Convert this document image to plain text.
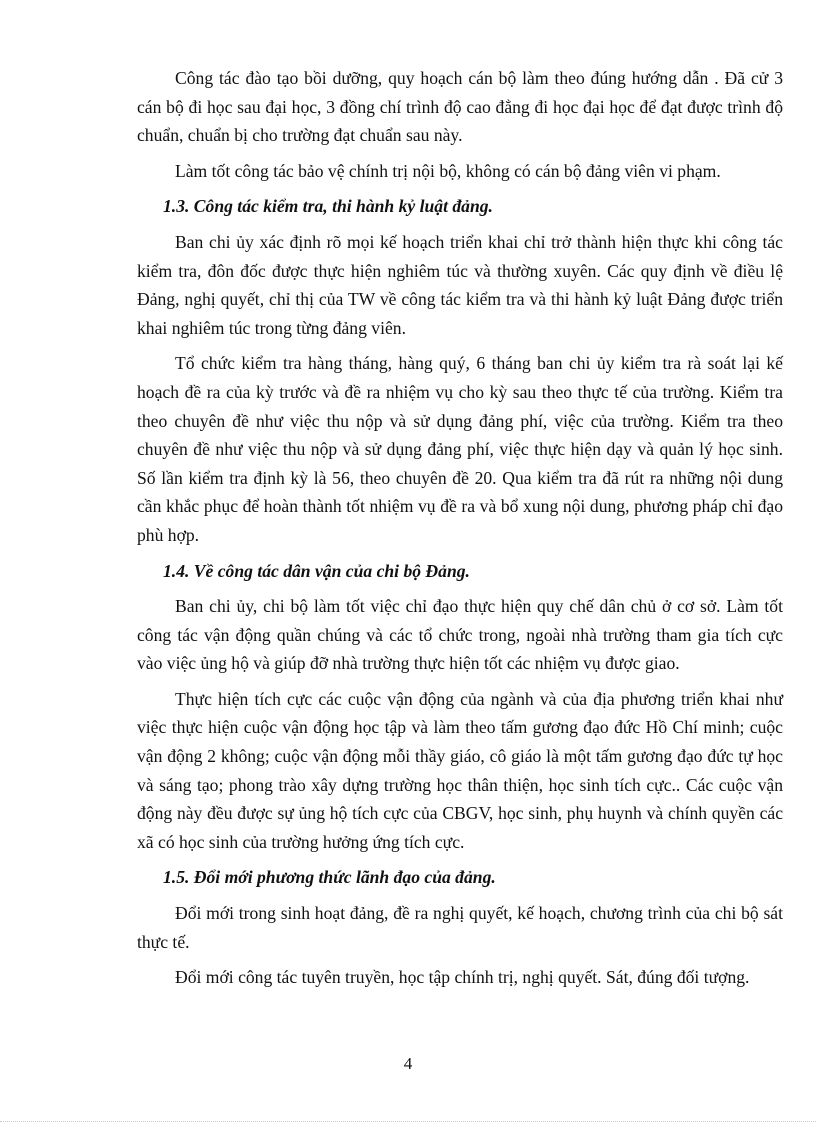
Công tác đào tạo bồi dưỡng, quy hoạch cán bộ làm theo đúng hướng dẫn . Đã cử 3 cán bộ đi học sau đại học, 3 đồng chí trình độ cao đẳng đi học đại học để đạt được trình độ chuẩn, chuẩn bị cho trường đạt chuẩn sau này.

Làm tốt công tác bảo vệ chính trị nội bộ, không có cán bộ đảng viên vi phạm.

1.3. Công tác kiểm tra, thi hành kỷ luật đảng.

Ban chi ủy xác định rõ mọi kế hoạch triển khai chỉ trở thành hiện thực khi công tác kiểm tra, đôn đốc được thực hiện nghiêm túc và thường xuyên. Các quy định về điều lệ Đảng, nghị quyết, chỉ thị của TW về công tác kiểm tra và thi hành kỷ luật Đảng được triển khai nghiêm túc trong từng đảng viên.

Tổ chức kiểm tra hàng tháng, hàng quý, 6 tháng ban chi ủy kiểm tra rà soát lại kế hoạch đề ra của kỳ trước và đề ra nhiệm vụ cho kỳ sau theo thực tế của trường. Kiểm tra theo chuyên đề như việc thu nộp và sử dụng đảng phí, việc của trường. Kiểm tra theo chuyên đề như việc thu nộp và sử dụng đảng phí, việc thực hiện dạy và quản lý học sinh. Số lần kiểm tra định kỳ là 56, theo chuyên đề 20. Qua kiểm tra đã rút ra những nội dung cần khắc phục để hoàn thành tốt nhiệm vụ đề ra và bổ xung nội dung, phương pháp chỉ đạo phù hợp.

1.4. Về công tác dân vận của chi bộ Đảng.

Ban chi ủy, chi bộ làm tốt việc chỉ đạo thực hiện quy chế dân chủ ở cơ sở. Làm tốt công tác vận động quần chúng và các tổ chức trong, ngoài nhà trường tham gia tích cực vào việc ủng hộ và giúp đỡ nhà trường thực hiện tốt các nhiệm vụ được giao.

Thực hiện tích cực các cuộc vận động của ngành và của địa phương triển khai như việc thực hiện cuộc vận động học tập và làm theo tấm gương đạo đức Hồ Chí minh; cuộc vận động 2 không; cuộc vận động mỗi thầy giáo, cô giáo là một tấm gương đạo đức tự học và sáng tạo; phong trào xây dựng trường học thân thiện, học sinh tích cực.. Các cuộc vận động này đều được sự ủng hộ tích cực của CBGV, học sinh, phụ huynh và chính quyền các xã có học sinh của trường hưởng ứng tích cực.

1.5. Đổi mới phương thức lãnh đạo của đảng.

Đổi mới trong sinh hoạt đảng, đề ra nghị quyết, kế hoạch, chương trình của chi bộ sát thực tế.

Đổi mới công tác tuyên truyền, học tập chính trị, nghị quyết. Sát, đúng đối tượng.

4
